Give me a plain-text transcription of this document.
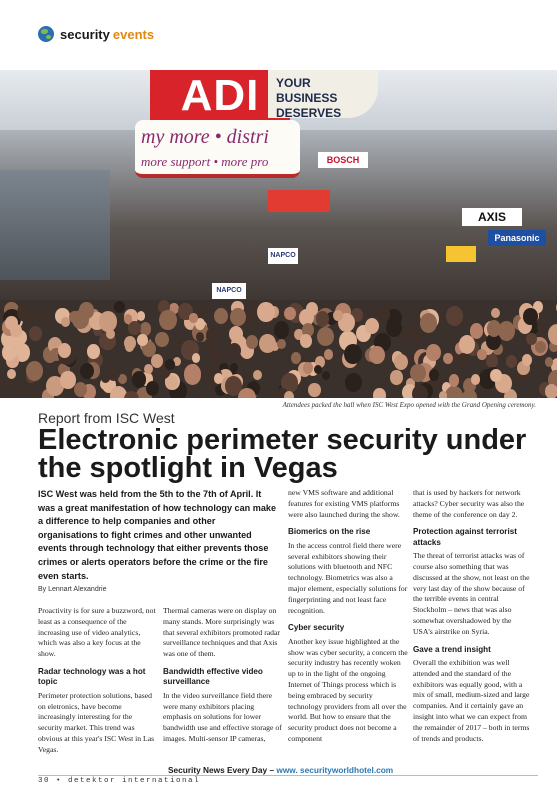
security events
ADI	YOUR BUSINESS DESERVES
my more • distri
more support • more pro	BOSCH
AXIS
Panasonic
NAPCO
NAPCO
Attendees packed the hall when ISC West Expo opened with the Grand Opening ceremony.
Report from ISC West
Electronic perimeter security under the spotlight in Vegas
ISC West was held from the 5th to the 7th of April. It was a great manifestation of how technology can make a difference to help companies and other organisations to fight crimes and other unwanted events through technology that either prevents those crimes or alerts operators before the crime or the fire even starts.
By Lennart Alexandrie

Proactivity is for sure a buzzword, not least as a consequence of the increasing use of video analytics, which was also a key focus at the show.

Radar technology was a hot topic

Perimeter protection solutions, based on eletronics, have become increasingly interesting for the security market. This trend was obvious at this year's ISC West in Las Vegas.

Thermal cameras were on display on many stands. More surprisingly was that several exhibitors promoted radar surveillance techniques and that Axis was one of them.

Bandwidth effective video surveillance

In the video surveillance field there were many exhibitors placing emphasis on solutions for lower bandwidth use and effective storage of images. Multi-sensor IP cameras,

new VMS software and additional features for existing VMS platforms were also launched during the show.

Biomerics on the rise

In the access control field there were several exhibitors showing their solutions with bluetooth and NFC technology. Biometrics was also a major element, especially solutions for fingerprinting and not least face recognition.

Cyber security

Another key issue highlighted at the show was cyber security, a concern the security industry has recently woken up to in the light of the ongoing Internet of Things process which is being embraced by security technology providers from all over the world. But how to ensure that the security product does not become a component

that is used by hackers for network attacks? Cyber security was also the theme of the conference on day 2.

Protection against terrorist attacks

The threat of terrorist attacks was of course also something that was discussed at the show, not least on the very last day of the show because of the terrible events in central Stockholm – news that was also somewhat overshadowed by the USA's airstrike on Syria.

Gave a trend insight

Overall the exhibition was well attended and the standard of the exhibitors was equally good, with a mix of small, medium-sized and large companies. And it certainly gave an insight into what we can expect from the remainder of 2017 – both in terms of trends and products.

Security News Every Day – www. securityworldhotel.com
30 • detektor international
